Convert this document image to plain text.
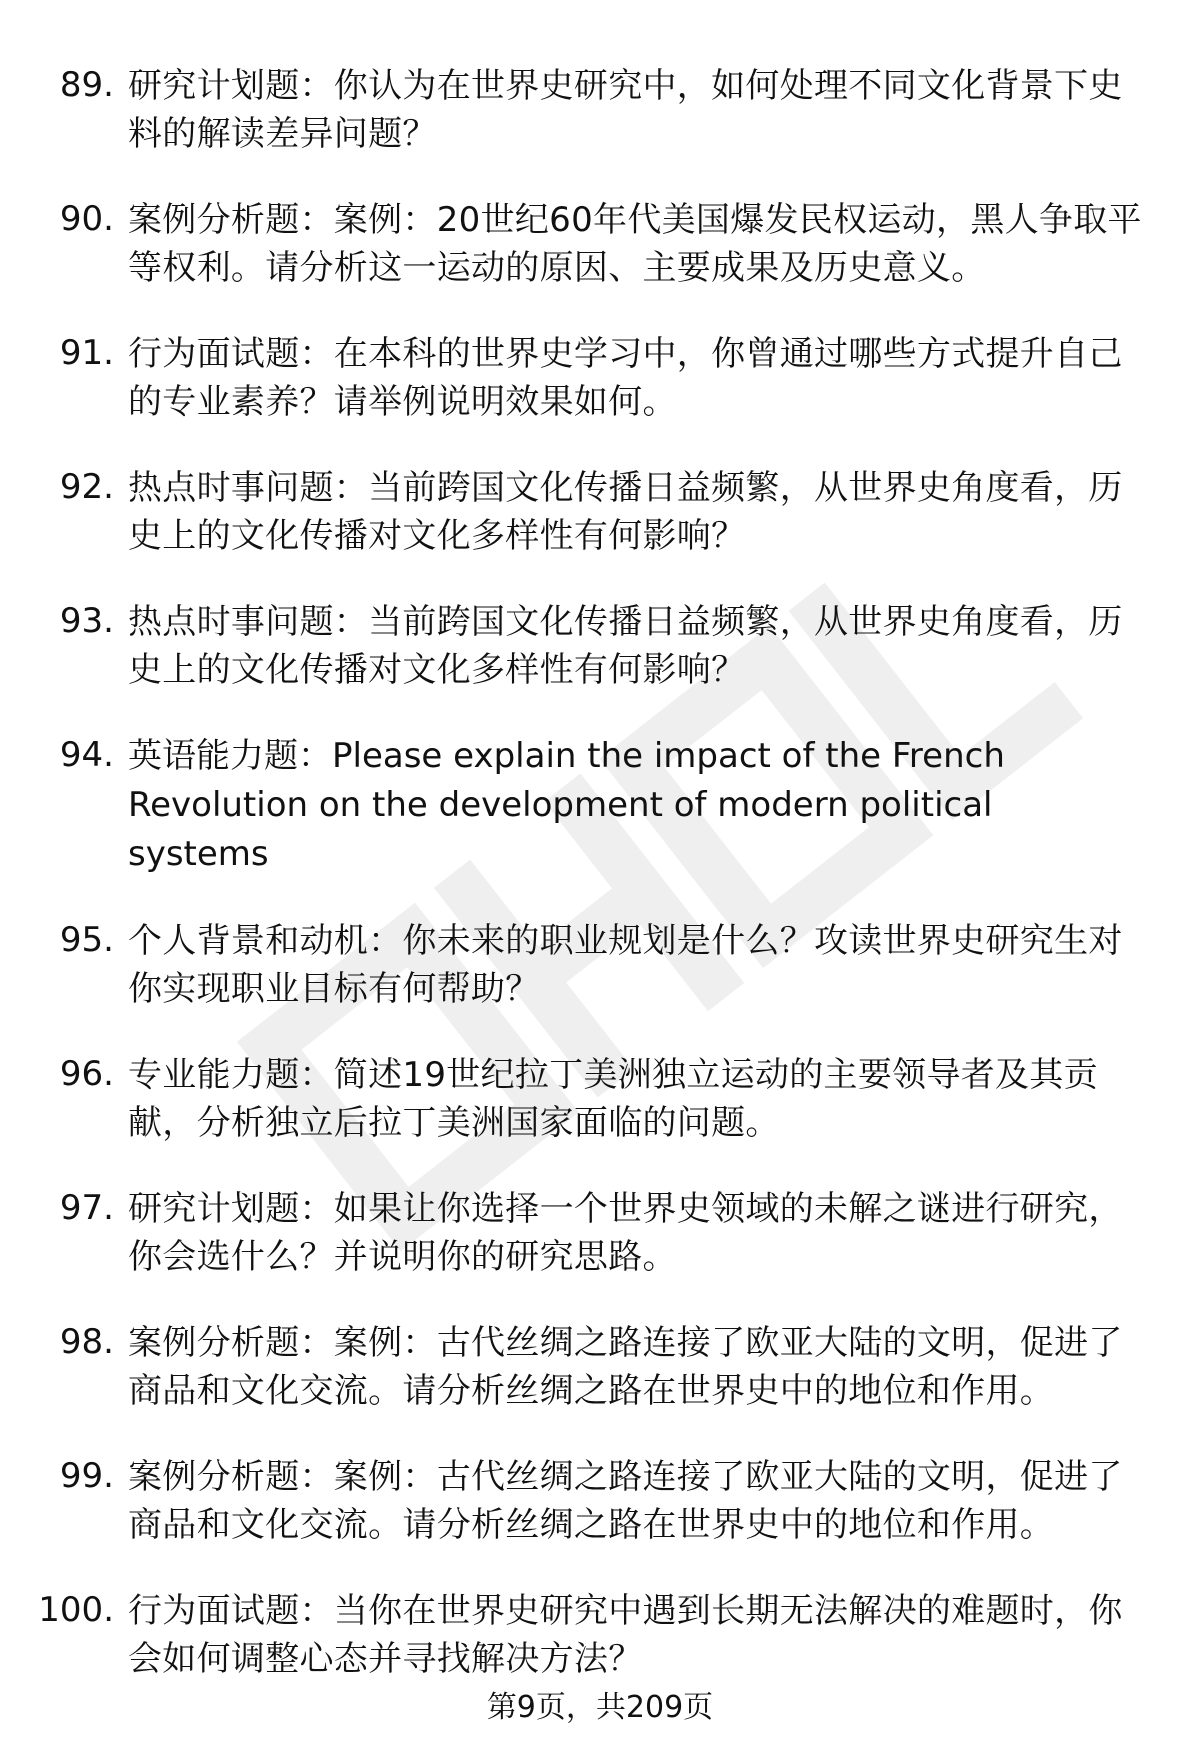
89. 研究计划题：你认为在世界史研究中，如何处理不同文化背景下史料的解读差异问题？
90. 案例分析题：案例：20世纪60年代美国爆发民权运动，黑人争取平等权利。请分析这一运动的原因、主要成果及历史意义。
91. 行为面试题：在本科的世界史学习中，你曾通过哪些方式提升自己的专业素养？请举例说明效果如何。
92. 热点时事问题：当前跨国文化传播日益频繁，从世界史角度看，历史上的文化传播对文化多样性有何影响？
93. 热点时事问题：当前跨国文化传播日益频繁，从世界史角度看，历史上的文化传播对文化多样性有何影响？
94. 英语能力题：Please explain the impact of the French Revolution on the development of modern political systems
95. 个人背景和动机：你未来的职业规划是什么？攻读世界史研究生对你实现职业目标有何帮助？
96. 专业能力题：简述19世纪拉丁美洲独立运动的主要领导者及其贡献，分析独立后拉丁美洲国家面临的问题。
97. 研究计划题：如果让你选择一个世界史领域的未解之谜进行研究，你会选什么？并说明你的研究思路。
98. 案例分析题：案例：古代丝绸之路连接了欧亚大陆的文明，促进了商品和文化交流。请分析丝绸之路在世界史中的地位和作用。
99. 案例分析题：案例：古代丝绸之路连接了欧亚大陆的文明，促进了商品和文化交流。请分析丝绸之路在世界史中的地位和作用。
100. 行为面试题：当你在世界史研究中遇到长期无法解决的难题时，你会如何调整心态并寻找解决方法？
第9页，共209页
